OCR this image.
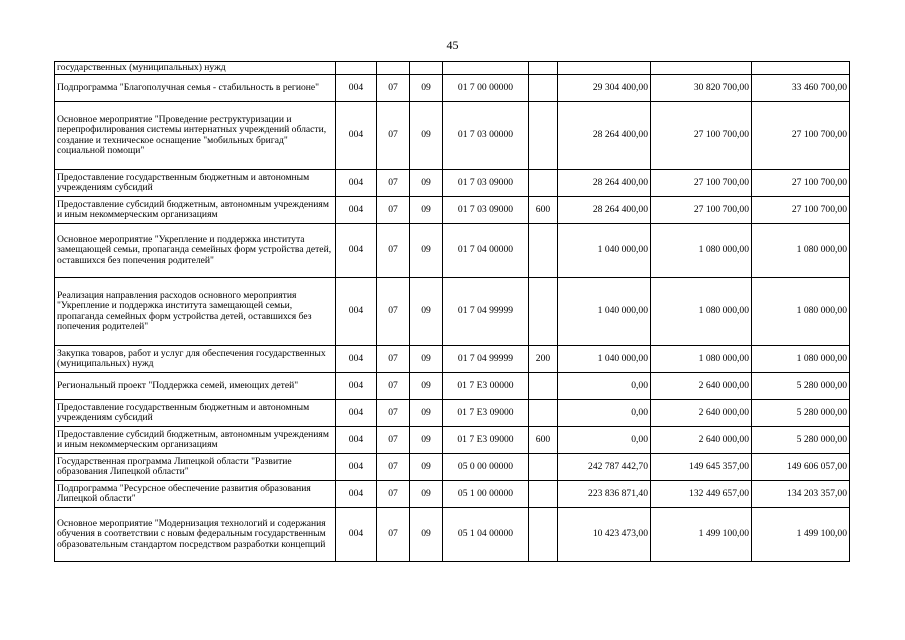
45
государственных (муниципальных) нужд								
Подпрограмма "Благополучная семья - стабильность в регионе"	004	07	09	01 7 00 00000		29 304 400,00	30 820 700,00	33 460 700,00
Основное мероприятие "Проведение реструктуризации и перепрофилирования системы интернатных учреждений области, создание и техническое оснащение "мобильных бригад" социальной помощи"	004	07	09	01 7 03 00000		28 264 400,00	27 100 700,00	27 100 700,00
Предоставление государственным бюджетным и автономным учреждениям субсидий	004	07	09	01 7 03 09000		28 264 400,00	27 100 700,00	27 100 700,00
Предоставление субсидий бюджетным, автономным учреждениям и иным некоммерческим организациям	004	07	09	01 7 03 09000	600	28 264 400,00	27 100 700,00	27 100 700,00
Основное мероприятие "Укрепление и поддержка института замещающей семьи, пропаганда семейных форм устройства детей, оставшихся без попечения родителей"	004	07	09	01 7 04 00000		1 040 000,00	1 080 000,00	1 080 000,00
Реализация направления расходов основного мероприятия "Укрепление и поддержка института замещающей семьи, пропаганда семейных форм устройства детей, оставшихся без попечения родителей"	004	07	09	01 7 04 99999		1 040 000,00	1 080 000,00	1 080 000,00
Закупка товаров, работ и услуг для обеспечения государственных (муниципальных) нужд	004	07	09	01 7 04 99999	200	1 040 000,00	1 080 000,00	1 080 000,00
Региональный проект "Поддержка семей, имеющих детей"	004	07	09	01 7 Е3 00000		0,00	2 640 000,00	5 280 000,00
Предоставление государственным бюджетным и автономным учреждениям субсидий	004	07	09	01 7 Е3 09000		0,00	2 640 000,00	5 280 000,00
Предоставление субсидий бюджетным, автономным учреждениям и иным некоммерческим организациям	004	07	09	01 7 Е3 09000	600	0,00	2 640 000,00	5 280 000,00
Государственная программа Липецкой области "Развитие образования Липецкой области"	004	07	09	05 0 00 00000		242 787 442,70	149 645 357,00	149 606 057,00
Подпрограмма "Ресурсное обеспечение развития образования Липецкой области"	004	07	09	05 1 00 00000		223 836 871,40	132 449 657,00	134 203 357,00
Основное мероприятие "Модернизация технологий и содержания обучения в соответствии с новым федеральным государственным образовательным стандартом посредством разработки концепций	004	07	09	05 1 04 00000		10 423 473,00	1 499 100,00	1 499 100,00
